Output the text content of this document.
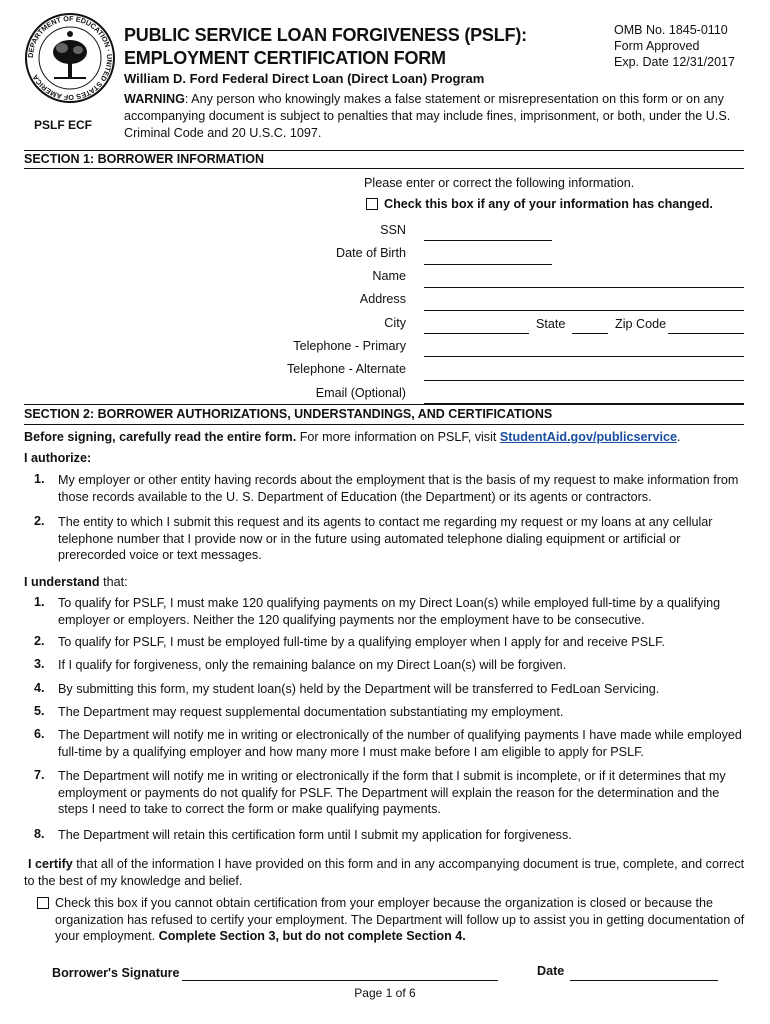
DEPARTMENT OF EDUCATION · UNITED STATES OF AMERICA
PSLF ECF
PUBLIC SERVICE LOAN FORGIVENESS (PSLF):
EMPLOYMENT CERTIFICATION FORM
OMB No. 1845-0110
Form Approved
Exp. Date 12/31/2017
William D. Ford Federal Direct Loan (Direct Loan) Program
WARNING: Any person who knowingly makes a false statement or misrepresentation on this form or on any accompanying document is subject to penalties that may include fines, imprisonment, or both, under the U.S. Criminal Code and 20 U.S.C. 1097.
SECTION 1: BORROWER INFORMATION
Please enter or correct the following information.
Check this box if any of your information has changed.
SSN
Date of Birth
Name
Address
City	State	Zip Code
Telephone - Primary
Telephone - Alternate
Email (Optional)
SECTION 2: BORROWER AUTHORIZATIONS, UNDERSTANDINGS, AND CERTIFICATIONS
Before signing, carefully read the entire form. For more information on PSLF, visit StudentAid.gov/publicservice.
I authorize:
1.	My employer or other entity having records about the employment that is the basis of my request to make information from those records available to the U. S. Department of Education (the Department) or its agents or contractors.
2.	The entity to which I submit this request and its agents to contact me regarding my request or my loans at any cellular telephone number that I provide now or in the future using automated telephone dialing equipment or artificial or prerecorded voice or text messages.
I understand that:
1.	To qualify for PSLF, I must make 120 qualifying payments on my Direct Loan(s) while employed full-time by a qualifying employer or employers. Neither the 120 qualifying payments nor the employment have to be consecutive.
2.	To qualify for PSLF, I must be employed full-time by a qualifying employer when I apply for and receive PSLF.
3.	If I qualify for forgiveness, only the remaining balance on my Direct Loan(s) will be forgiven.
4.	By submitting this form, my student loan(s) held by the Department will be transferred to FedLoan Servicing.
5.	The Department may request supplemental documentation substantiating my employment.
6.	The Department will notify me in writing or electronically of the number of qualifying payments I have made while employed full-time by a qualifying employer and how many more I must make before I am eligible to apply for PSLF.
7.	The Department will notify me in writing or electronically if the form that I submit is incomplete, or if it determines that my employment or payments do not qualify for PSLF. The Department will explain the reason for the determination and the steps I need to take to correct the form or make qualifying payments.
8.	The Department will retain this certification form until I submit my application for forgiveness.
I certify that all of the information I have provided on this form and in any accompanying document is true, complete, and correct to the best of my knowledge and belief.
Check this box if you cannot obtain certification from your employer because the organization is closed or because the organization has refused to certify your employment. The Department will follow up to assist you in getting documentation of your employment. Complete Section 3, but do not complete Section 4.
Borrower's Signature	Date
Page 1 of 6
